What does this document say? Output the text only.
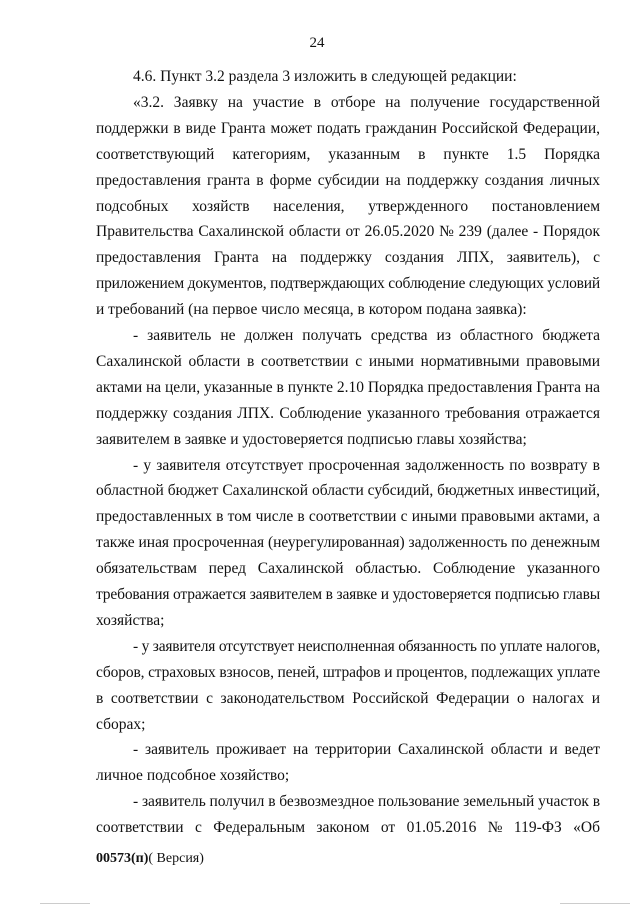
24
4.6. Пункт 3.2 раздела 3 изложить в следующей редакции:
«3.2. Заявку на участие в отборе на получение государственной
поддержки в виде Гранта может подать гражданин Российской Федерации,
соответствующий категориям, указанным в пункте 1.5 Порядка
предоставления гранта в форме субсидии на поддержку создания личных
подсобных хозяйств населения, утвержденного постановлением
Правительства Сахалинской области от 26.05.2020 № 239 (далее - Порядок
предоставления Гранта на поддержку создания ЛПХ, заявитель), с
приложением документов, подтверждающих соблюдение следующих условий
и требований (на первое число месяца, в котором подана заявка):
- заявитель не должен получать средства из областного бюджета
Сахалинской области в соответствии с иными нормативными правовыми
актами на цели, указанные в пункте 2.10 Порядка предоставления Гранта на
поддержку создания ЛПХ. Соблюдение указанного требования отражается
заявителем в заявке и удостоверяется подписью главы хозяйства;
- у заявителя отсутствует просроченная задолженность по возврату в
областной бюджет Сахалинской области субсидий, бюджетных инвестиций,
предоставленных в том числе в соответствии с иными правовыми актами, а
также иная просроченная (неурегулированная) задолженность по денежным
обязательствам перед Сахалинской областью. Соблюдение указанного
требования отражается заявителем в заявке и удостоверяется подписью главы
хозяйства;
- у заявителя отсутствует неисполненная обязанность по уплате налогов,
сборов, страховых взносов, пеней, штрафов и процентов, подлежащих уплате
в соответствии с законодательством Российской Федерации о налогах и
сборах;
- заявитель проживает на территории Сахалинской области и ведет
личное подсобное хозяйство;
- заявитель получил в безвозмездное пользование земельный участок в
соответствии с Федеральным законом от 01.05.2016 № 119-ФЗ «Об
00573(п)( Версия)
